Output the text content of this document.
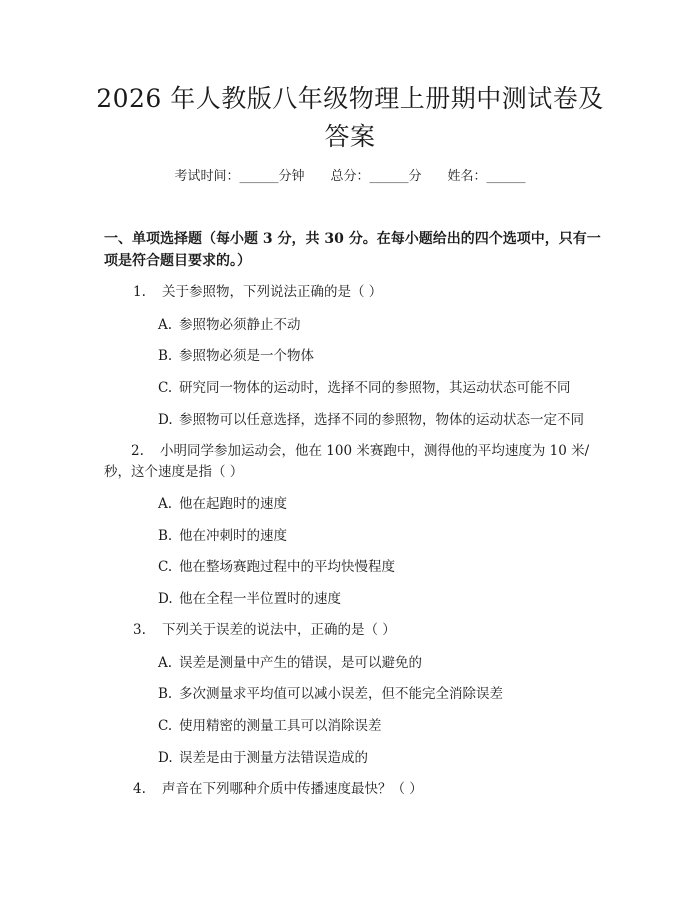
2026 年人教版八年级物理上册期中测试卷及答案
考试时间：______分钟 总分：______分 姓名：______
一、单项选择题（每小题 3 分，共 30 分。在每小题给出的四个选项中，只有一项是符合题目要求的。）
1. 关于参照物，下列说法正确的是（ ）
A. 参照物必须静止不动
B. 参照物必须是一个物体
C. 研究同一物体的运动时，选择不同的参照物，其运动状态可能不同
D. 参照物可以任意选择，选择不同的参照物，物体的运动状态一定不同
2. 小明同学参加运动会，他在 100 米赛跑中，测得他的平均速度为 10 米/秒，这个速度是指（ ）
A. 他在起跑时的速度
B. 他在冲刺时的速度
C. 他在整场赛跑过程中的平均快慢程度
D. 他在全程一半位置时的速度
3. 下列关于误差的说法中，正确的是（ ）
A. 误差是测量中产生的错误，是可以避免的
B. 多次测量求平均值可以减小误差，但不能完全消除误差
C. 使用精密的测量工具可以消除误差
D. 误差是由于测量方法错误造成的
4. 声音在下列哪种介质中传播速度最快？（ ）
